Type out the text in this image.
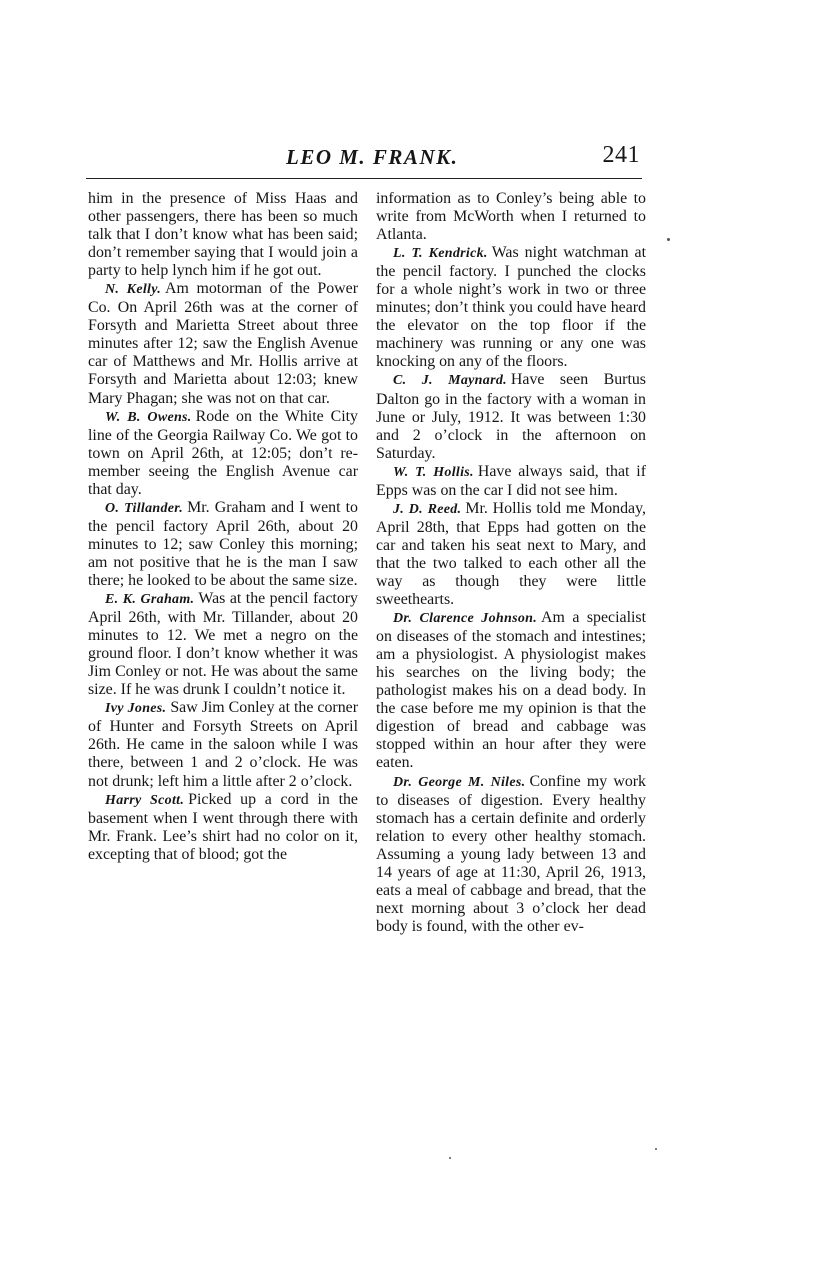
LEO M. FRANK.	241

him in the presence of Miss Haas and other passengers, there has been so much talk that I don’t know what has been said; don’t remember saying that I would join a party to help lynch him if he got out.

N. Kelly. Am motorman of the Power Co. On April 26th was at the corner of Forsyth and Marietta Street about three minutes after 12; saw the English Avenue car of Matthews and Mr. Hollis arrive at Forsyth and Marietta about 12:03; knew Mary Phagan; she was not on that car.

W. B. Owens. Rode on the White City line of the Georgia Railway Co. We got to town on April 26th, at 12:05; don’t remember seeing the English Avenue car that day.

O. Tillander. Mr. Graham and I went to the pencil factory April 26th, about 20 minutes to 12; saw Conley this morning; am not positive that he is the man I saw there; he looked to be about the same size.

E. K. Graham. Was at the pencil factory April 26th, with Mr. Tillander, about 20 minutes to 12. We met a negro on the ground floor. I don’t know whether it was Jim Conley or not. He was about the same size. If he was drunk I couldn’t notice it.

Ivy Jones. Saw Jim Conley at the corner of Hunter and Forsyth Streets on April 26th. He came in the saloon while I was there, between 1 and 2 o’clock. He was not drunk; left him a little after 2 o’clock.

Harry Scott. Picked up a cord in the basement when I went through there with Mr. Frank. Lee’s shirt had no color on it, excepting that of blood; got the

information as to Conley’s being able to write from McWorth when I returned to Atlanta.

L. T. Kendrick. Was night watchman at the pencil factory. I punched the clocks for a whole night’s work in two or three minutes; don’t think you could have heard the elevator on the top floor if the machinery was running or any one was knocking on any of the floors.

C. J. Maynard. Have seen Burtus Dalton go in the factory with a woman in June or July, 1912. It was between 1:30 and 2 o’clock in the afternoon on Saturday.

W. T. Hollis. Have always said, that if Epps was on the car I did not see him.

J. D. Reed. Mr. Hollis told me Monday, April 28th, that Epps had gotten on the car and taken his seat next to Mary, and that the two talked to each other all the way as though they were little sweethearts.

Dr. Clarence Johnson. Am a specialist on diseases of the stomach and intestines; am a physiologist. A physiologist makes his searches on the living body; the pathologist makes his on a dead body. In the case before me my opinion is that the digestion of bread and cabbage was stopped within an hour after they were eaten.

Dr. George M. Niles. Confine my work to diseases of digestion. Every healthy stomach has a certain definite and orderly relation to every other healthy stomach. Assuming a young lady between 13 and 14 years of age at 11:30, April 26, 1913, eats a meal of cabbage and bread, that the next morning about 3 o’clock her dead body is found, with the other ev-
